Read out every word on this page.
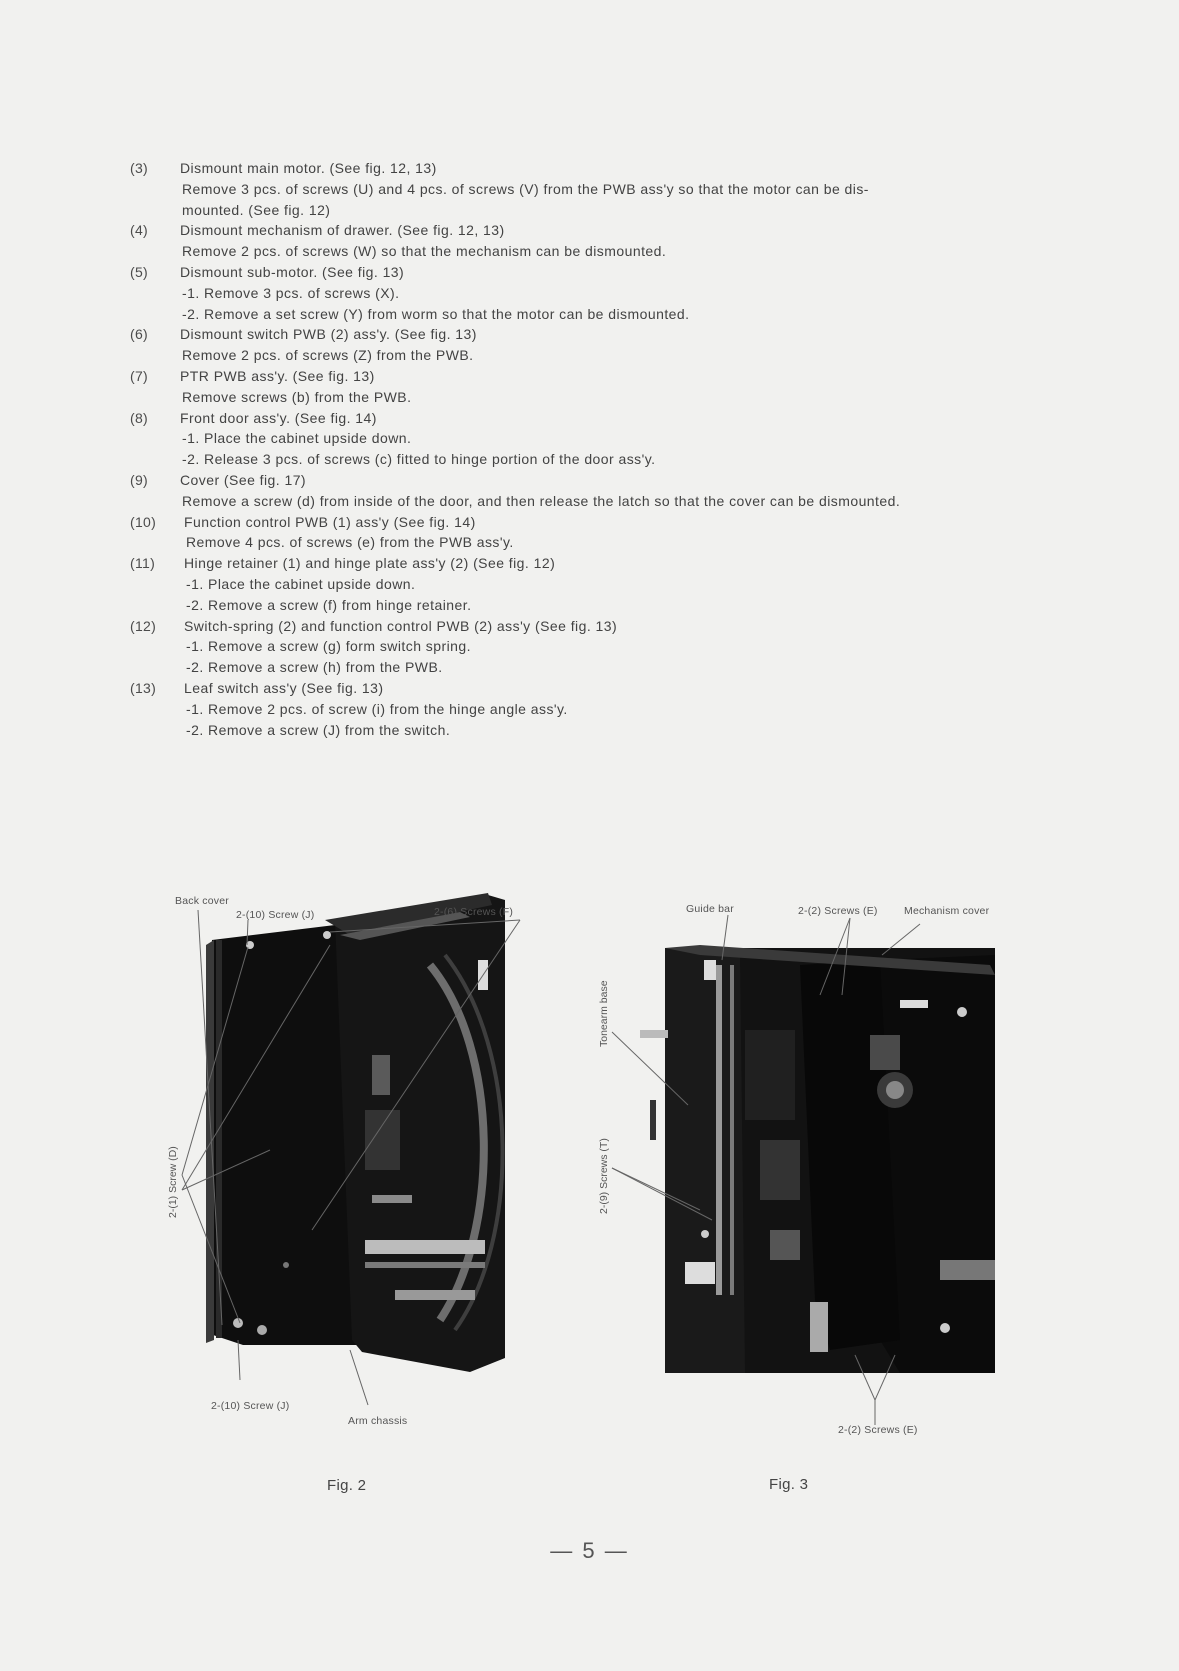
(3)	Dismount main motor. (See fig. 12, 13)
Remove 3 pcs. of screws (U) and 4 pcs. of screws (V) from the PWB ass'y so that the motor can be dis-
mounted. (See fig. 12)
(4)	Dismount mechanism of drawer. (See fig. 12, 13)
Remove 2 pcs. of screws (W) so that the mechanism can be dismounted.
(5)	Dismount sub-motor. (See fig. 13)
-1. Remove 3 pcs. of screws (X).
-2. Remove a set screw (Y) from worm so that the motor can be dismounted.
(6)	Dismount switch PWB (2) ass'y. (See fig. 13)
Remove 2 pcs. of screws (Z) from the PWB.
(7)	PTR PWB ass'y. (See fig. 13)
Remove screws (b) from the PWB.
(8)	Front door ass'y. (See fig. 14)
-1. Place the cabinet upside down.
-2. Release 3 pcs. of screws (c) fitted to hinge portion of the door ass'y.
(9)	Cover (See fig. 17)
Remove a screw (d) from inside of the door, and then release the latch so that the cover can be dismounted.
(10)	Function control PWB (1) ass'y (See fig. 14)
Remove 4 pcs. of screws (e) from the PWB ass'y.
(11)	Hinge retainer (1) and hinge plate ass'y (2) (See fig. 12)
-1. Place the cabinet upside down.
-2. Remove a screw (f) from hinge retainer.
(12)	Switch-spring (2) and function control PWB (2) ass'y (See fig. 13)
-1. Remove a screw (g) form switch spring.
-2. Remove a screw (h) from the PWB.
(13)	Leaf switch ass'y (See fig. 13)
-1. Remove 2 pcs. of screw (i) from the hinge angle ass'y.
-2. Remove a screw (J) from the switch.
Back cover
2-(10) Screw (J)	2-(6) Screws (F)
2-(1) Screw (D)
2-(10) Screw (J)
Arm chassis
Fig. 2
Guide bar	2-(2) Screws (E)	Mechanism cover
Tonearm base
2-(9) Screws (T)
2-(2) Screws (E)
Fig. 3
— 5 —
